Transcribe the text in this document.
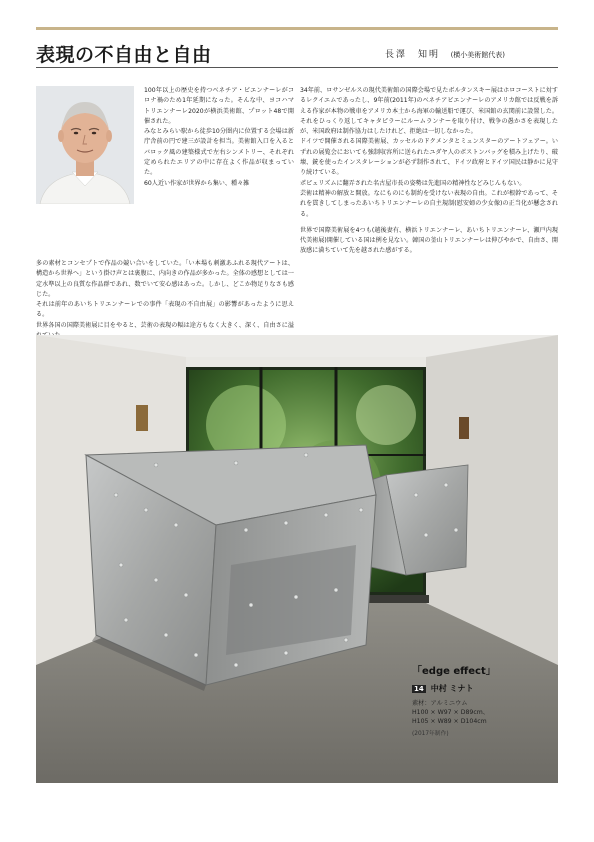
表現の不自由と自由	長澤　知明 (横小美術館代表)

100年以上の歴史を持つベネチア・ビエンナーレがコロナ禍のため1年延期になった。そんな中、ヨコハマトリエンナーレ2020が横浜美術館、プロット48で開催された。

みなとみらい駅から徒歩10分圏内に位置する会場は新庁舎前の円で建三が設計を担当。美術館入口を入るとバロック風の建築様式で左右シンメトリー、それぞれ定められたエリアの中に存在よく作品が収まっていた。

60人近い作家が世界から集い、種々雑

多の素材とコンセプトで作品の競い合いをしていた。「い本場も刺激あふれる現代アートは、構造から世界へ」という掛け声とは裏腹に、内向きの作品が多かった。全体の感想としては一定水準以上の良質な作品群であれ、数でいて安心感はあった。しかし、どこか物足りなさも感じた。

それは前年のあいちトリエンナーレでの事件「表現の不自由展」の影響があったように思える。

世界各国の国際美術展に目をやると、芸術の表現の幅は途方もなく大きく、深く、自由さに溢

34年前、ロサンゼルスの現代美術館の国際会場で見たボルタンスキー展はホロコーストに対するレクイエムであったし、9年前(2011年)のベネチアビエンナーレのアメリカ館では反戦を訴える作家が本物の戦車をアメリカ本土から海軍の輸送船で運び、米国館の玄関前に設置した。それをひっくり返してキャタピラーにルームランナーを取り付け、戦争の愚かさを表現したが、米国政府は制作協力はしたけれど、拒絶は一切しなかった。

ドイツで開催される国際美術展、カッセルのドクメンタとミュンスターのアートフェアー。いずれの展覧会においても強制収容所に送られたユダヤ人のボストンバッグを積み上げたり、破壊、銃を使ったインスタレーションが必ず制作されて、ドイツ政府とドイツ国民は静かに見守り続けている。

ポピュリズムに翻弄された名古屋市長の姿勢は先進国の精神性などみじんもない。

芸術は精神の解放と開放。なにものにも制約を受けない表現の自由。これが根幹であって、それを貫きしてしまったあいちトリエンナーレの自主規制(慰安婦の少女像)の正当化が懸念される。

世界で国際美術展を4つも(越後妻有、横浜トリエンナーレ、あいちトリエンナーレ、瀬戸内現代美術展)開催している国は例を見ない。韓国の釜山トリエンナーレは伸びやかで、自由さ、開放感に満ちていて先を越された感がする。

「edge effect」
14 中村 ミナト
素材：アルミニウム
H100 × W97 × D89cm、
H105 × W89 × D104cm
(2017年制作)
